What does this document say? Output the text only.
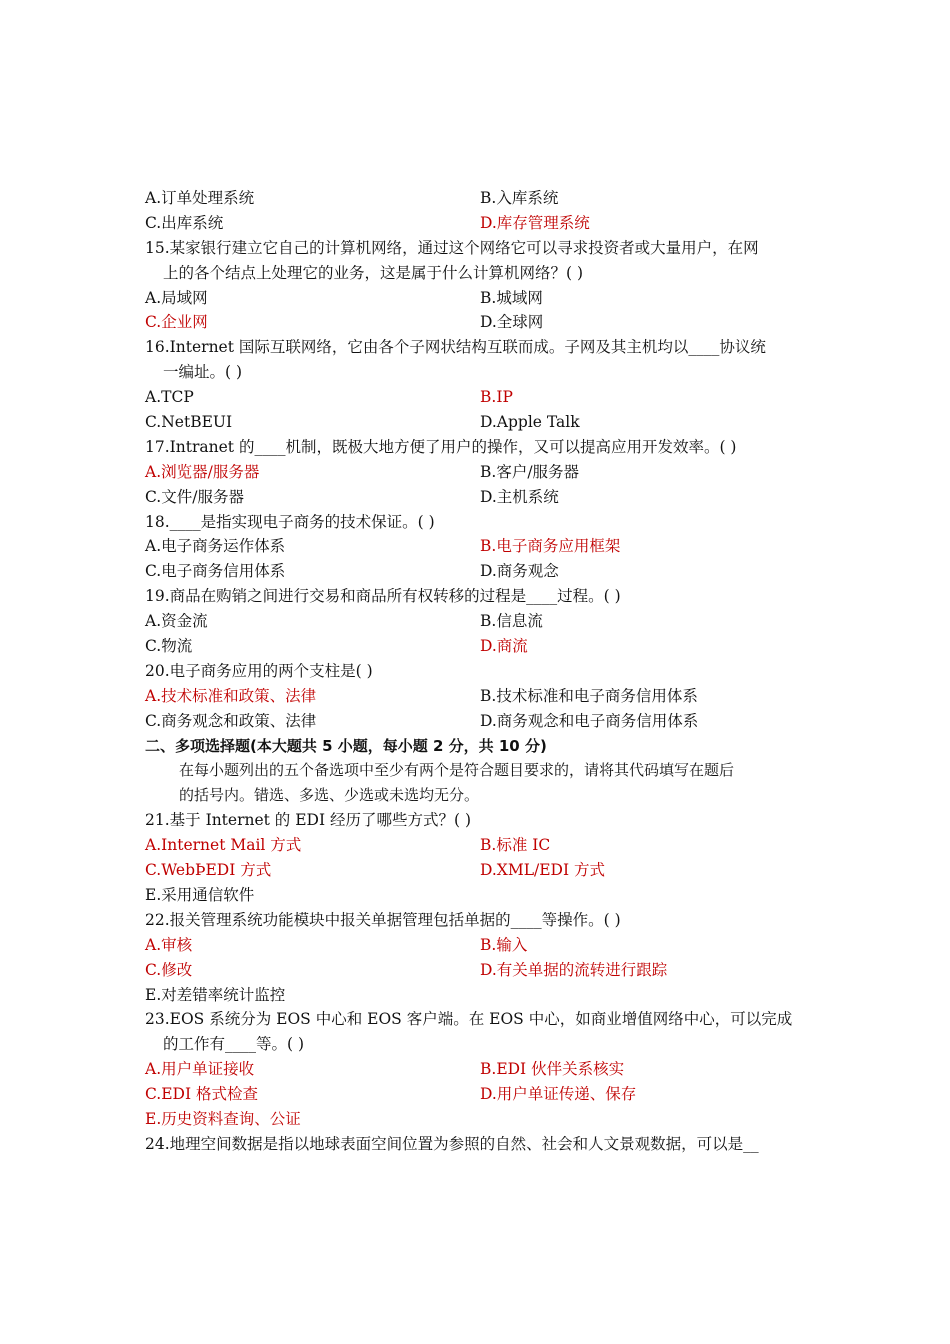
A.订单处理系统	B.入库系统
C.出库系统	D.库存管理系统
15.某家银行建立它自己的计算机网络，通过这个网络它可以寻求投资者或大量用户，在网
上的各个结点上处理它的业务，这是属于什么计算机网络？( )
A.局域网	B.城域网
C.企业网	D.全球网
16.Internet 国际互联网络，它由各个子网状结构互联而成。子网及其主机均以____协议统
一编址。( )
A.TCP	B.IP
C.NetBEUI	D.Apple Talk
17.Intranet 的____机制，既极大地方便了用户的操作，又可以提高应用开发效率。( )
A.浏览器/服务器	B.客户/服务器
C.文件/服务器	D.主机系统
18.____是指实现电子商务的技术保证。( )
A.电子商务运作体系	B.电子商务应用框架
C.电子商务信用体系	D.商务观念
19.商品在购销之间进行交易和商品所有权转移的过程是____过程。( )
A.资金流	B.信息流
C.物流	D.商流
20.电子商务应用的两个支柱是( )
A.技术标准和政策、法律	B.技术标准和电子商务信用体系
C.商务观念和政策、法律	D.商务观念和电子商务信用体系
二、多项选择题(本大题共 5 小题，每小题 2 分，共 10 分)
在每小题列出的五个备选项中至少有两个是符合题目要求的，请将其代码填写在题后
的括号内。错选、多选、少选或未选均无分。
21.基于 Internet 的 EDI 经历了哪些方式？( )
A.Internet Mail 方式	B.标准 IC
C.WebÞEDI 方式	D.XML/EDI 方式
E.采用通信软件
22.报关管理系统功能模块中报关单据管理包括单据的____等操作。( )
A.审核	B.输入
C.修改	D.有关单据的流转进行跟踪
E.对差错率统计监控
23.EOS 系统分为 EOS 中心和 EOS 客户端。在 EOS 中心，如商业增值网络中心，可以完成
的工作有____等。( )
A.用户单证接收	B.EDI 伙伴关系核实
C.EDI 格式检查	D.用户单证传递、保存
E.历史资料查询、公证
24.地理空间数据是指以地球表面空间位置为参照的自然、社会和人文景观数据，可以是__
